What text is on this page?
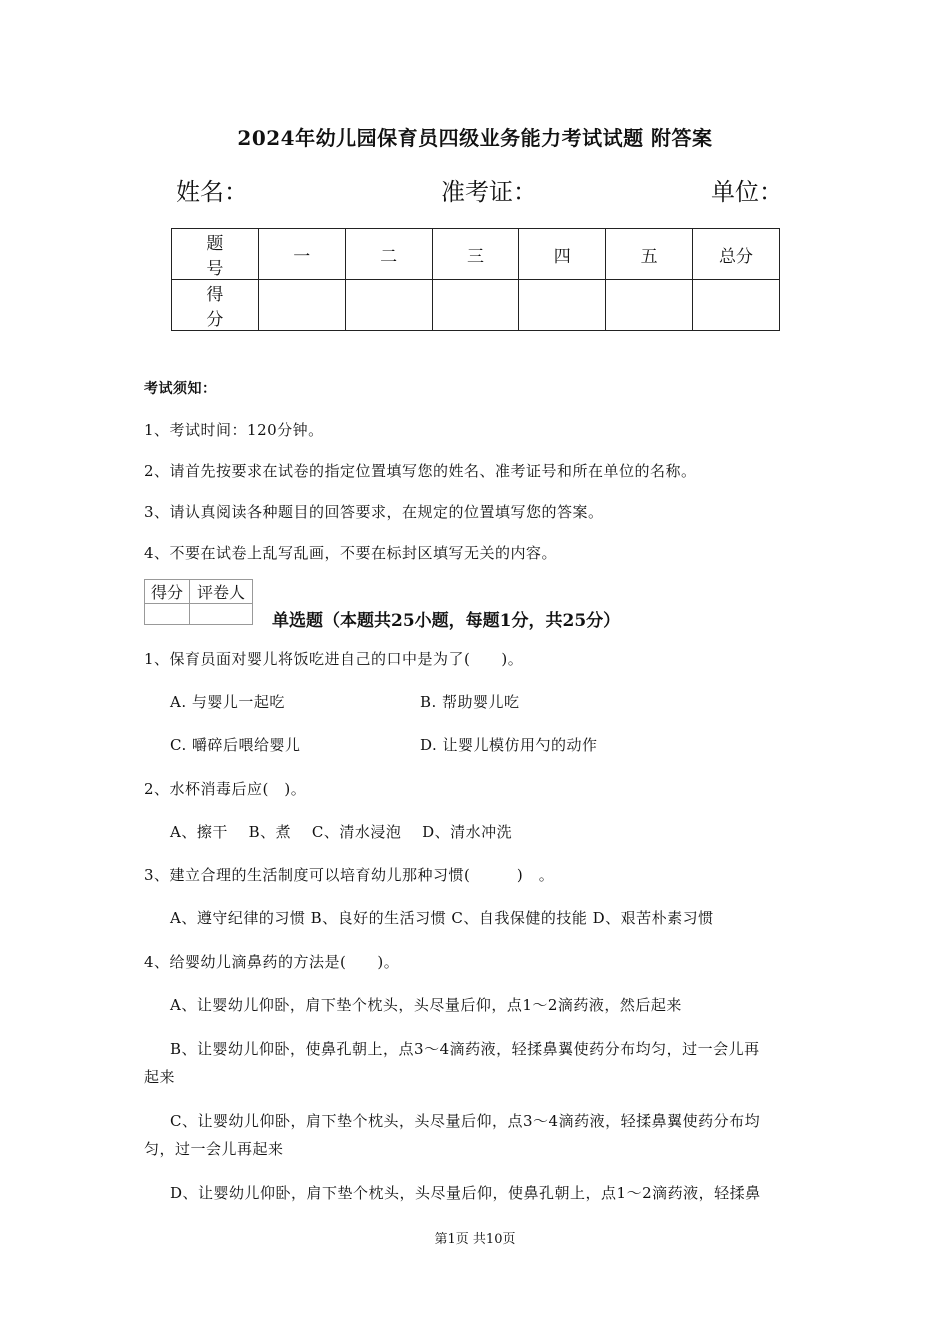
2024年幼儿园保育员四级业务能力考试试题 附答案
姓名：	准考证：	单位：
题　号	一	二	三	四	五	总分
得　分						
考试须知：
1、考试时间：120分钟。
2、请首先按要求在试卷的指定位置填写您的姓名、准考证号和所在单位的名称。
3、请认真阅读各种题目的回答要求，在规定的位置填写您的答案。
4、不要在试卷上乱写乱画，不要在标封区填写无关的内容。
得分	评卷人

单选题（本题共25小题，每题1分，共25分）
1、保育员面对婴儿将饭吃进自己的口中是为了(　　)。
A. 与婴儿一起吃	B. 帮助婴儿吃
C. 嚼碎后喂给婴儿	D. 让婴儿模仿用勺的动作
2、水杯消毒后应(　)。
A、擦干　 B、煮　 C、清水浸泡　 D、清水冲洗
3、建立合理的生活制度可以培育幼儿那种习惯(　　　)　。
A、遵守纪律的习惯 B、良好的生活习惯 C、自我保健的技能 D、艰苦朴素习惯
4、给婴幼儿滴鼻药的方法是(　　)。
A、让婴幼儿仰卧，肩下垫个枕头，头尽量后仰，点1～2滴药液，然后起来
B、让婴幼儿仰卧，使鼻孔朝上，点3～4滴药液，轻揉鼻翼使药分布均匀，过一会儿再
起来
C、让婴幼儿仰卧，肩下垫个枕头，头尽量后仰，点3～4滴药液，轻揉鼻翼使药分布均
匀，过一会儿再起来
D、让婴幼儿仰卧，肩下垫个枕头，头尽量后仰，使鼻孔朝上，点1～2滴药液，轻揉鼻
第1页 共10页
